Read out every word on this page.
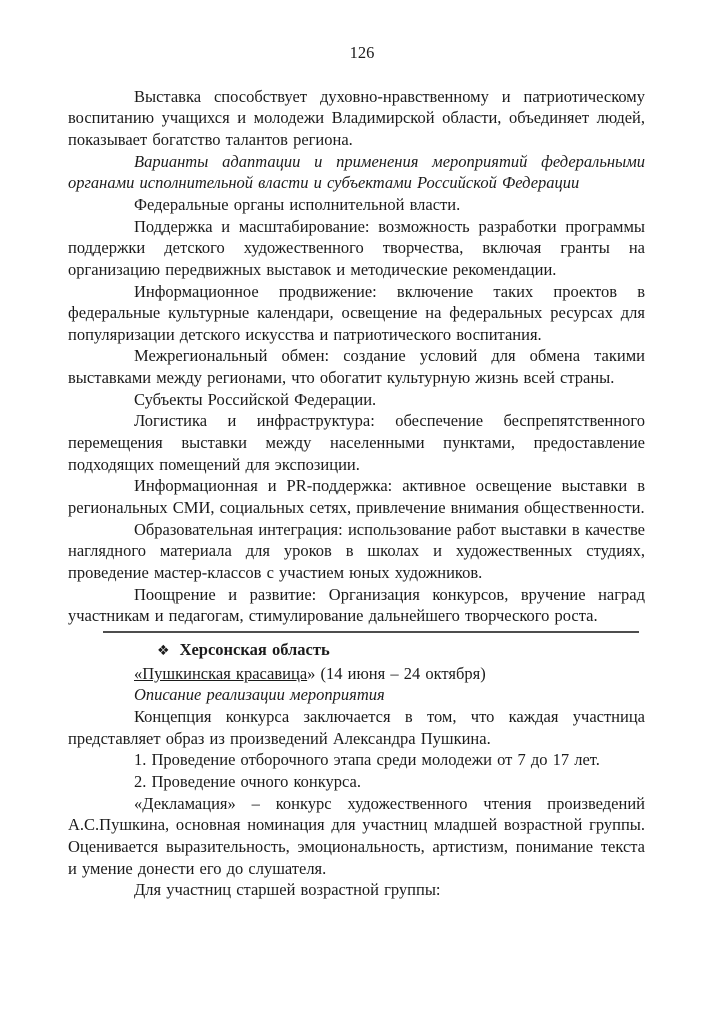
126

Выставка способствует духовно-нравственному и патриотическому воспитанию учащихся и молодежи Владимирской области, объединяет людей, показывает богатство талантов региона.

Варианты адаптации и применения мероприятий федеральными органами исполнительной власти и субъектами Российской Федерации

Федеральные органы исполнительной власти.

Поддержка и масштабирование: возможность разработки программы поддержки детского художественного творчества, включая гранты на организацию передвижных выставок и методические рекомендации.

Информационное продвижение: включение таких проектов в федеральные культурные календари, освещение на федеральных ресурсах для популяризации детского искусства и патриотического воспитания.

Межрегиональный обмен: создание условий для обмена такими выставками между регионами, что обогатит культурную жизнь всей страны.

Субъекты Российской Федерации.

Логистика и инфраструктура: обеспечение беспрепятственного перемещения выставки между населенными пунктами, предоставление подходящих помещений для экспозиции.

Информационная и PR-поддержка: активное освещение выставки в региональных СМИ, социальных сетях, привлечение внимания общественности.

Образовательная интеграция: использование работ выставки в качестве наглядного материала для уроков в школах и художественных студиях, проведение мастер-классов с участием юных художников.

Поощрение и развитие: Организация конкурсов, вручение наград участникам и педагогам, стимулирование дальнейшего творческого роста.

❖ Херсонская область

«Пушкинская красавица» (14 июня – 24 октября)

Описание реализации мероприятия

Концепция конкурса заключается в том, что каждая участница представляет образ из произведений Александра Пушкина.

1. Проведение отборочного этапа среди молодежи от 7 до 17 лет.

2. Проведение очного конкурса.

«Декламация» – конкурс художественного чтения произведений А.С.Пушкина, основная номинация для участниц младшей возрастной группы. Оценивается выразительность, эмоциональность, артистизм, понимание текста и умение донести его до слушателя.

Для участниц старшей возрастной группы:
